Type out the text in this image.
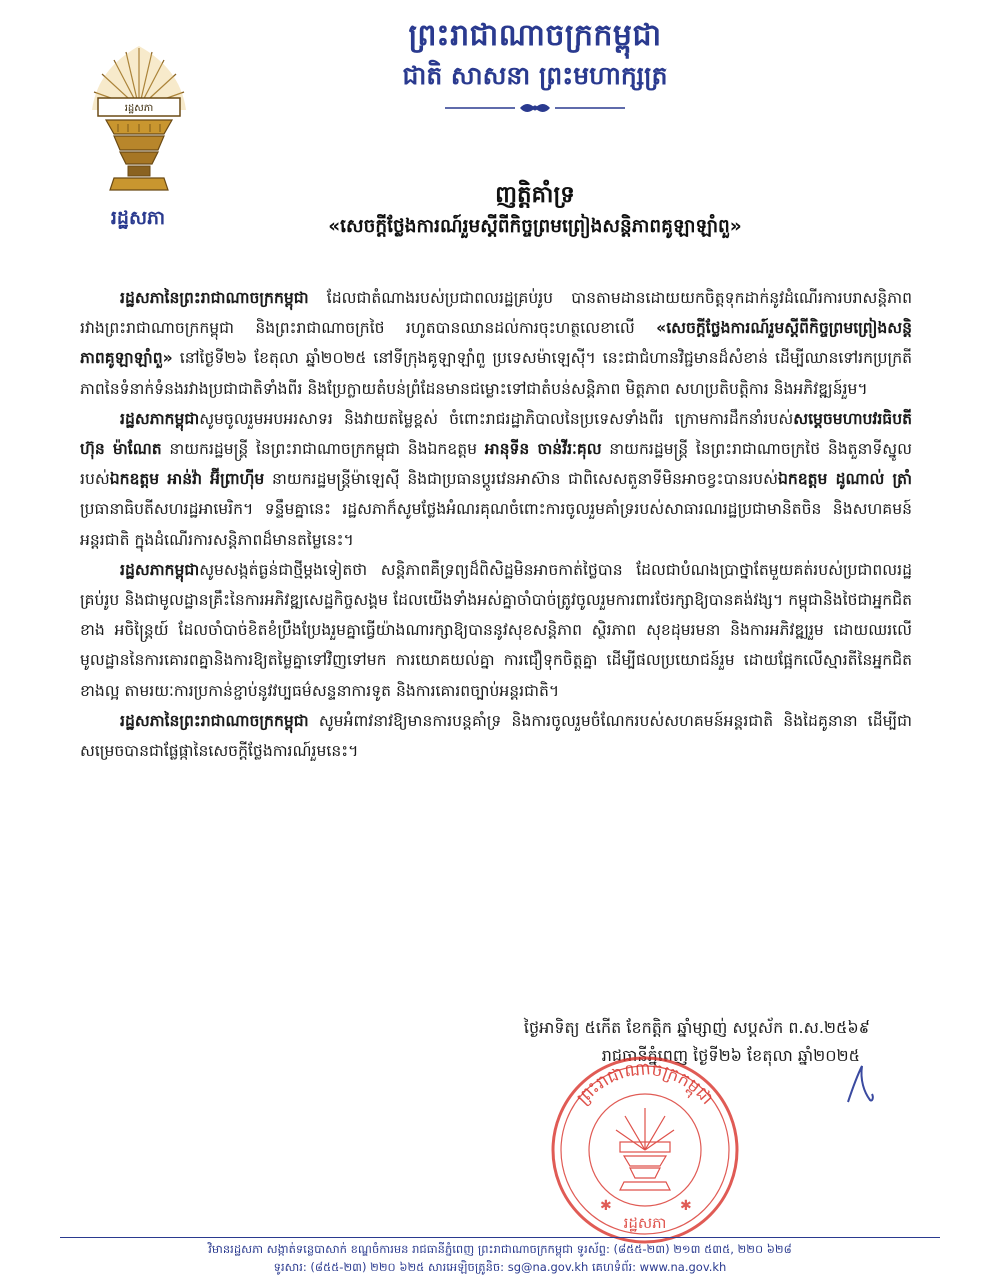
រដ្ឋសភា
រដ្ឋសភា
ព្រះរាជាណាចក្រកម្ពុជា
ជាតិ សាសនា ព្រះមហាក្សត្រ
ញត្តិគាំទ្រ
«សេចក្តីថ្លែងការណ៍រួមស្តីពីកិច្ចព្រមព្រៀងសន្តិភាពគូឡាឡាំពួ»

រដ្ឋសភានៃព្រះរាជាណាចក្រកម្ពុជា ដែលជាតំណាងរបស់ប្រជាពលរដ្ឋគ្រប់រូប បានតាមដានដោយយកចិត្តទុកដាក់នូវដំណើរការបរាសន្តិភាព រវាងព្រះរាជាណាចក្រកម្ពុជា និងព្រះរាជាណាចក្រថៃ រហូតបានឈានដល់ការចុះហត្ថលេខាលើ «សេចក្តីថ្លែងការណ៍រួមស្តីពីកិច្ចព្រមព្រៀងសន្តិភាពគូឡាឡាំពួ» នៅថ្ងៃទី២៦ ខែតុលា ឆ្នាំ២០២៥ នៅទីក្រុងគូឡាឡាំពួ ប្រទេសម៉ាឡេស៊ី។ នេះជាជំហានវិជ្ជមានដ៏សំខាន់ ដើម្បីឈានទៅរកប្រក្រតីភាពនៃទំនាក់ទំនងរវាងប្រជាជាតិទាំងពីរ និងប្រែក្លាយតំបន់ព្រំដែនមានជម្លោះទៅជាតំបន់សន្តិភាព មិត្តភាព សហប្រតិបត្តិការ និងអភិវឌ្ឍន៍រួម។

រដ្ឋសភាកម្ពុជាសូមចូលរួមអបអរសាទរ និងវាយតម្លៃខ្ពស់ ចំពោះរាជរដ្ឋាភិបាលនៃប្រទេសទាំងពីរ ក្រោមការដឹកនាំរបស់សម្តេចមហាបវរធិបតី ហ៊ុន ម៉ាណែត នាយករដ្ឋមន្ត្រី នៃព្រះរាជាណាចក្រកម្ពុជា និងឯកឧត្តម អានុទីន ចាន់វីរៈគុល នាយករដ្ឋមន្ត្រី នៃព្រះរាជាណាចក្រថៃ និងតួនាទីស្នូល របស់ឯកឧត្តម អាន់វ៉ា អ៊ីព្រាហ៊ីម នាយករដ្ឋមន្ត្រីម៉ាឡេស៊ី និងជាប្រធានប្តូរវេនអាស៊ាន ជាពិសេសតួនាទីមិនអាចខ្វះបានរបស់ឯកឧត្តម ដូណាល់ ត្រាំ ប្រធានាធិបតីសហរដ្ឋអាមេរិក។ ទន្ទឹមគ្នានេះ រដ្ឋសភាក៏សូមថ្លែងអំណរគុណចំពោះការចូលរួមគាំទ្ររបស់សាធារណរដ្ឋប្រជាមានិតចិន និងសហគមន៍អន្តរជាតិ ក្នុងដំណើរការសន្តិភាពដ៏មានតម្លៃនេះ។

រដ្ឋសភាកម្ពុជាសូមសង្កត់ធ្ងន់ជាថ្មីម្តងទៀតថា សន្តិភាពគឺទ្រព្យដ៏ពិសិដ្ឋមិនអាចកាត់ថ្លៃបាន ដែលជាបំណងប្រាថ្នាតែមួយគត់របស់ប្រជាពលរដ្ឋគ្រប់រូប និងជាមូលដ្ឋានគ្រឹះនៃការអភិវឌ្ឍសេដ្ឋកិច្ចសង្គម ដែលយើងទាំងអស់គ្នាចាំបាច់ត្រូវចូលរួមការពារថែរក្សាឱ្យបានគង់វង្ស។ កម្ពុជានិងថៃជាអ្នកជិតខាង អចិន្ត្រៃយ៍ ដែលចាំបាច់ខិតខំប្រឹងប្រែងរួមគ្នាធ្វើយ៉ាងណារក្សាឱ្យបាននូវសុខសន្តិភាព ស្ថិរភាព សុខដុមរមនា និងការអភិវឌ្ឍរួម ដោយឈរលើមូលដ្ឋាននៃការគោរពគ្នានិងការឱ្យតម្លៃគ្នាទៅវិញទៅមក ការយោគយល់គ្នា ការជឿទុកចិត្តគ្នា ដើម្បីផលប្រយោជន៍រួម ដោយផ្អែកលើស្មារតីនៃអ្នកជិតខាងល្អ តាមរយៈការប្រកាន់ខ្ជាប់នូវវប្បធម៌សន្ទនាការទូត និងការគោរពច្បាប់អន្តរជាតិ។

រដ្ឋសភានៃព្រះរាជាណាចក្រកម្ពុជា សូមអំពាវនាវឱ្យមានការបន្តគាំទ្រ និងការចូលរួមចំណែករបស់សហគមន៍អន្តរជាតិ និងដៃគូនានា ដើម្បីជាសម្រេចបានជាផ្លែផ្កានៃសេចក្តីថ្លែងការណ៍រួមនេះ។

ថ្ងៃអាទិត្យ ៥កើត ខែកត្តិក ឆ្នាំម្សាញ់ សប្តស័ក ព.ស.២៥៦៩
រាជធានីភ្នំពេញ ថ្ងៃទី២៦ ខែតុលា ឆ្នាំ២០២៥
ព្រះរាជាណាចក្រកម្ពុជា
✱	✱
រដ្ឋសភា
វិមានរដ្ឋសភា សង្កាត់ទន្លេបាសាក់ ខណ្ឌចំការមន រាជធានីភ្នំពេញ ព្រះរាជាណាចក្រកម្ពុជា ទូរស័ព្ទ: (៨៥៥-២៣) ២១៣ ៥៣៥, ២២០ ៦២៨
ទូរសារ: (៨៥៥-២៣) ២២០ ៦២៥ សារអេឡិចត្រូនិច: sg@na.gov.kh គេហទំព័រ: www.na.gov.kh
